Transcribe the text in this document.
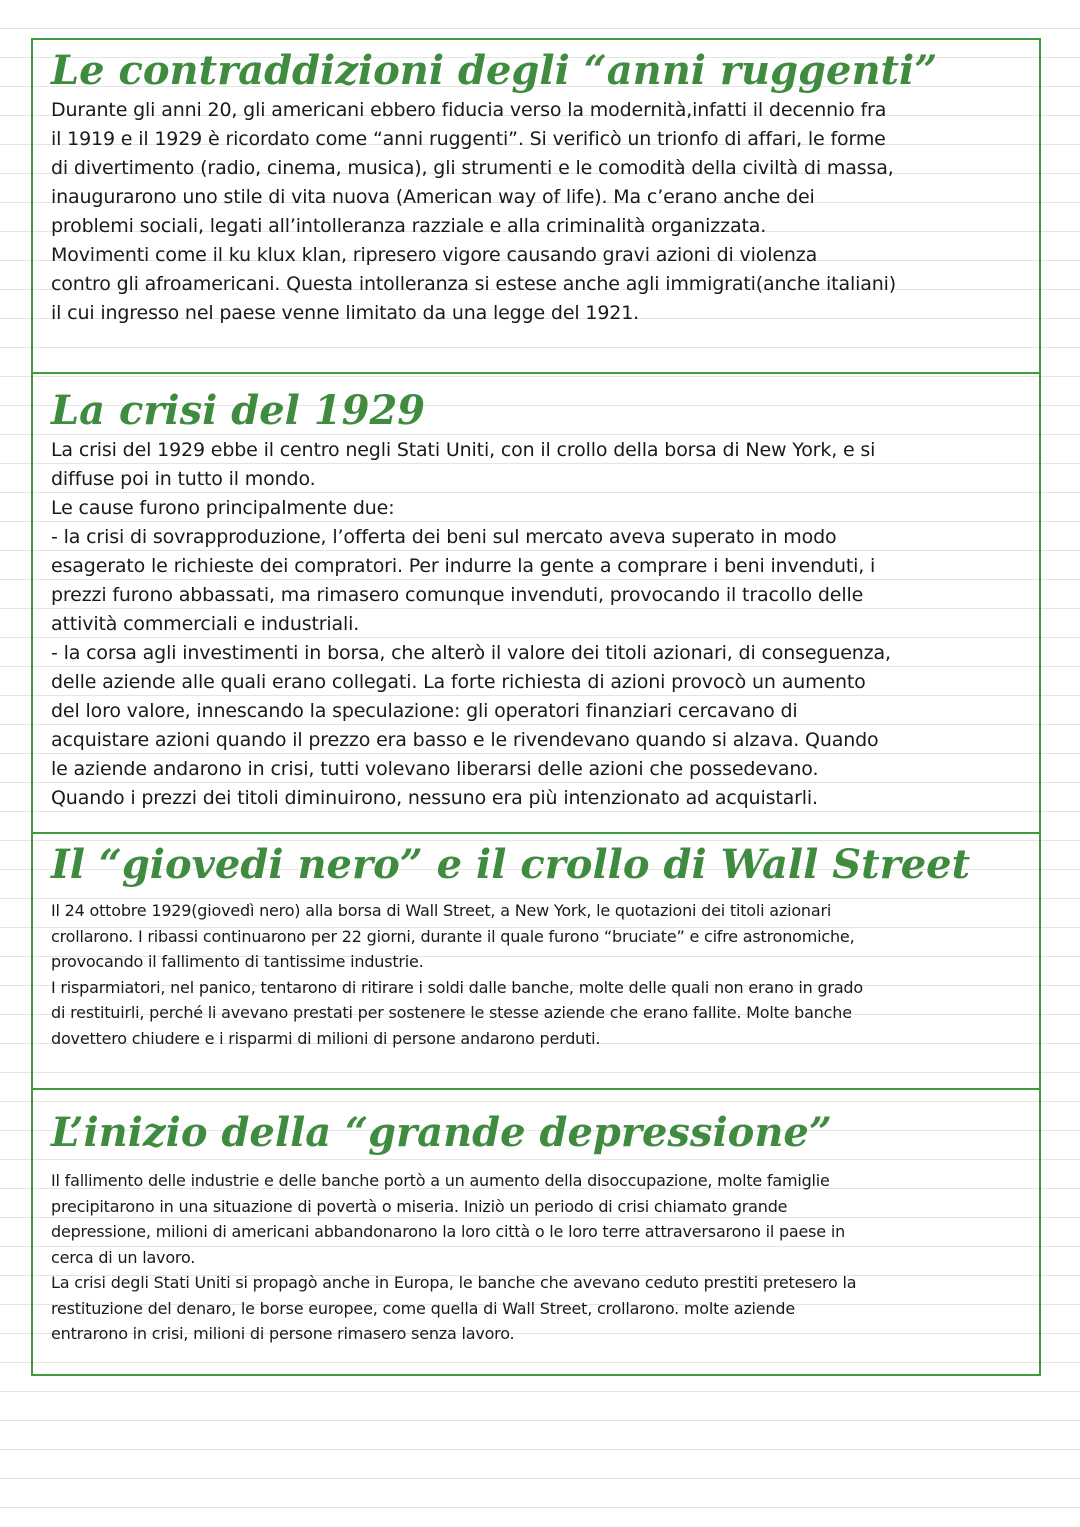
Le contraddizioni degli “anni ruggenti”

Durante gli anni 20, gli americani ebbero fiducia verso la modernità,infatti il decennio fra
il 1919 e il 1929 è ricordato come “anni ruggenti”. Si verificò un trionfo di affari, le forme
di divertimento (radio, cinema, musica), gli strumenti e le comodità della civiltà di massa,
inaugurarono uno stile di vita nuova (American way of life). Ma c’erano anche dei
problemi sociali, legati all’intolleranza razziale e alla criminalità organizzata.
Movimenti come il ku klux klan, ripresero vigore causando gravi azioni di violenza
contro gli afroamericani. Questa intolleranza si estese anche agli immigrati(anche italiani)
il cui ingresso nel paese venne limitato da una legge del 1921.

La crisi del 1929

La crisi del 1929 ebbe il centro negli Stati Uniti, con il crollo della borsa di New York, e si
diffuse poi in tutto il mondo.
Le cause furono principalmente due:
- la crisi di sovrapproduzione, l’offerta dei beni sul mercato aveva superato in modo
esagerato le richieste dei compratori. Per indurre la gente a comprare i beni invenduti, i
prezzi furono abbassati, ma rimasero comunque invenduti, provocando il tracollo delle
attività commerciali e industriali.
- la corsa agli investimenti in borsa, che alterò il valore dei titoli azionari, di conseguenza,
delle aziende alle quali erano collegati. La forte richiesta di azioni provocò un aumento
del loro valore, innescando la speculazione: gli operatori finanziari cercavano di
acquistare azioni quando il prezzo era basso e le rivendevano quando si alzava. Quando
le aziende andarono in crisi, tutti volevano liberarsi delle azioni che possedevano.
Quando i prezzi dei titoli diminuirono, nessuno era più intenzionato ad acquistarli.

Il “giovedi nero” e il crollo di Wall Street

Il 24 ottobre 1929(giovedì nero) alla borsa di Wall Street, a New York, le quotazioni dei titoli azionari
crollarono. I ribassi continuarono per 22 giorni, durante il quale furono “bruciate” e cifre astronomiche,
provocando il fallimento di tantissime industrie.
I risparmiatori, nel panico, tentarono di ritirare i soldi dalle banche, molte delle quali non erano in grado
di restituirli, perché li avevano prestati per sostenere le stesse aziende che erano fallite. Molte banche
dovettero chiudere e i risparmi di milioni di persone andarono perduti.

L’inizio della “grande depressione”

Il fallimento delle industrie e delle banche portò a un aumento della disoccupazione, molte famiglie
precipitarono in una situazione di povertà o miseria. Iniziò un periodo di crisi chiamato grande
depressione, milioni di americani abbandonarono la loro città o le loro terre attraversarono il paese in
cerca di un lavoro.
La crisi degli Stati Uniti si propagò anche in Europa, le banche che avevano ceduto prestiti pretesero la
restituzione del denaro, le borse europee, come quella di Wall Street, crollarono. molte aziende
entrarono in crisi, milioni di persone rimasero senza lavoro.
